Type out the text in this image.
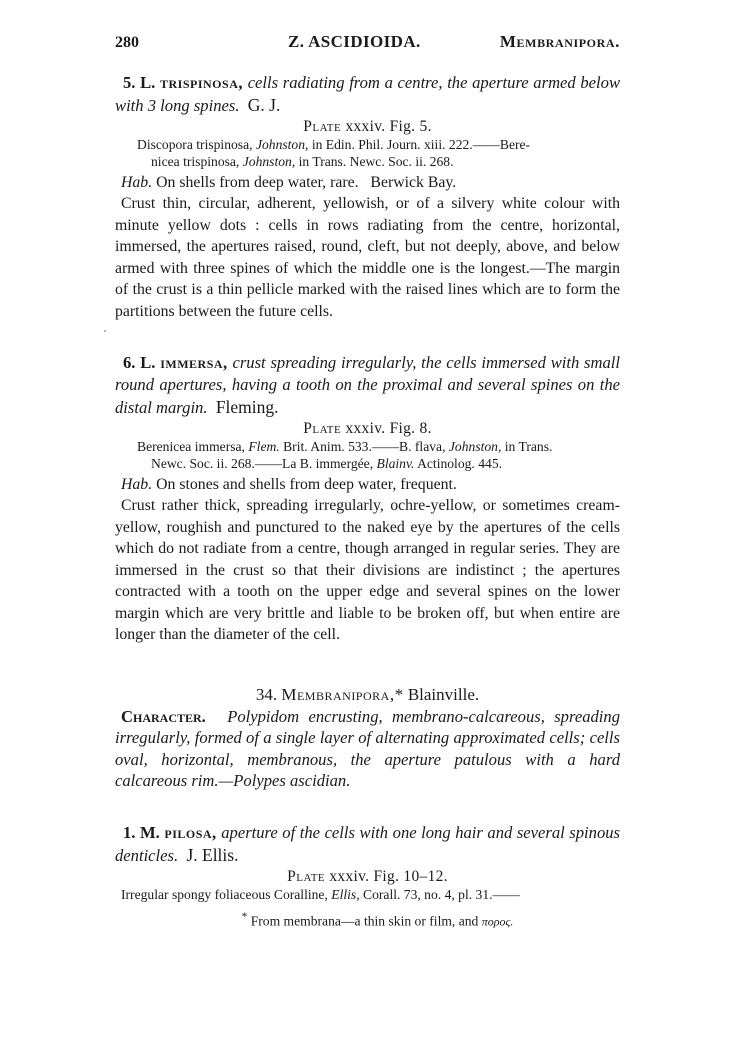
280	Z. ASCIDIOIDA.	Membranipora.
5. L. trispinosa, cells radiating from a centre, the aperture armed below with 3 long spines. G. J.
Plate xxxiv. Fig. 5.
Discopora trispinosa, Johnston, in Edin. Phil. Journ. xiii. 222.——Bere-
nicea trispinosa, Johnston, in Trans. Newc. Soc. ii. 268.
Hab. On shells from deep water, rare.   Berwick Bay.
Crust thin, circular, adherent, yellowish, or of a silvery white colour with minute yellow dots : cells in rows radiating from the centre, horizontal, immersed, the apertures raised, round, cleft, but not deeply, above, and below armed with three spines of which the middle one is the longest.—The margin of the crust is a thin pellicle marked with the raised lines which are to form the partitions between the future cells.
6. L. immersa, crust spreading irregularly, the cells immersed with small round apertures, having a tooth on the proximal and several spines on the distal margin. Fleming.
Plate xxxiv. Fig. 8.
Berenicea immersa, Flem. Brit. Anim. 533.——B. flava, Johnston, in Trans.
Newc. Soc. ii. 268.——La B. immergée, Blainv. Actinolog. 445.
Hab. On stones and shells from deep water, frequent.
Crust rather thick, spreading irregularly, ochre-yellow, or sometimes cream-yellow, roughish and punctured to the naked eye by the apertures of the cells which do not radiate from a centre, though arranged in regular series. They are immersed in the crust so that their divisions are indistinct ; the apertures contracted with a tooth on the upper edge and several spines on the lower margin which are very brittle and liable to be broken off, but when entire are longer than the diameter of the cell.
34. Membranipora,* Blainville.
Character. Polypidom encrusting, membrano-calcareous, spreading irregularly, formed of a single layer of alternating approximated cells; cells oval, horizontal, membranous, the aperture patulous with a hard calcareous rim.—Polypes ascidian.
1. M. pilosa, aperture of the cells with one long hair and several spinous denticles. J. Ellis.
Plate xxxiv. Fig. 10–12.
Irregular spongy foliaceous Coralline, Ellis, Corall. 73, no. 4, pl. 31.——
* From membrana—a thin skin or film, and πορος.
